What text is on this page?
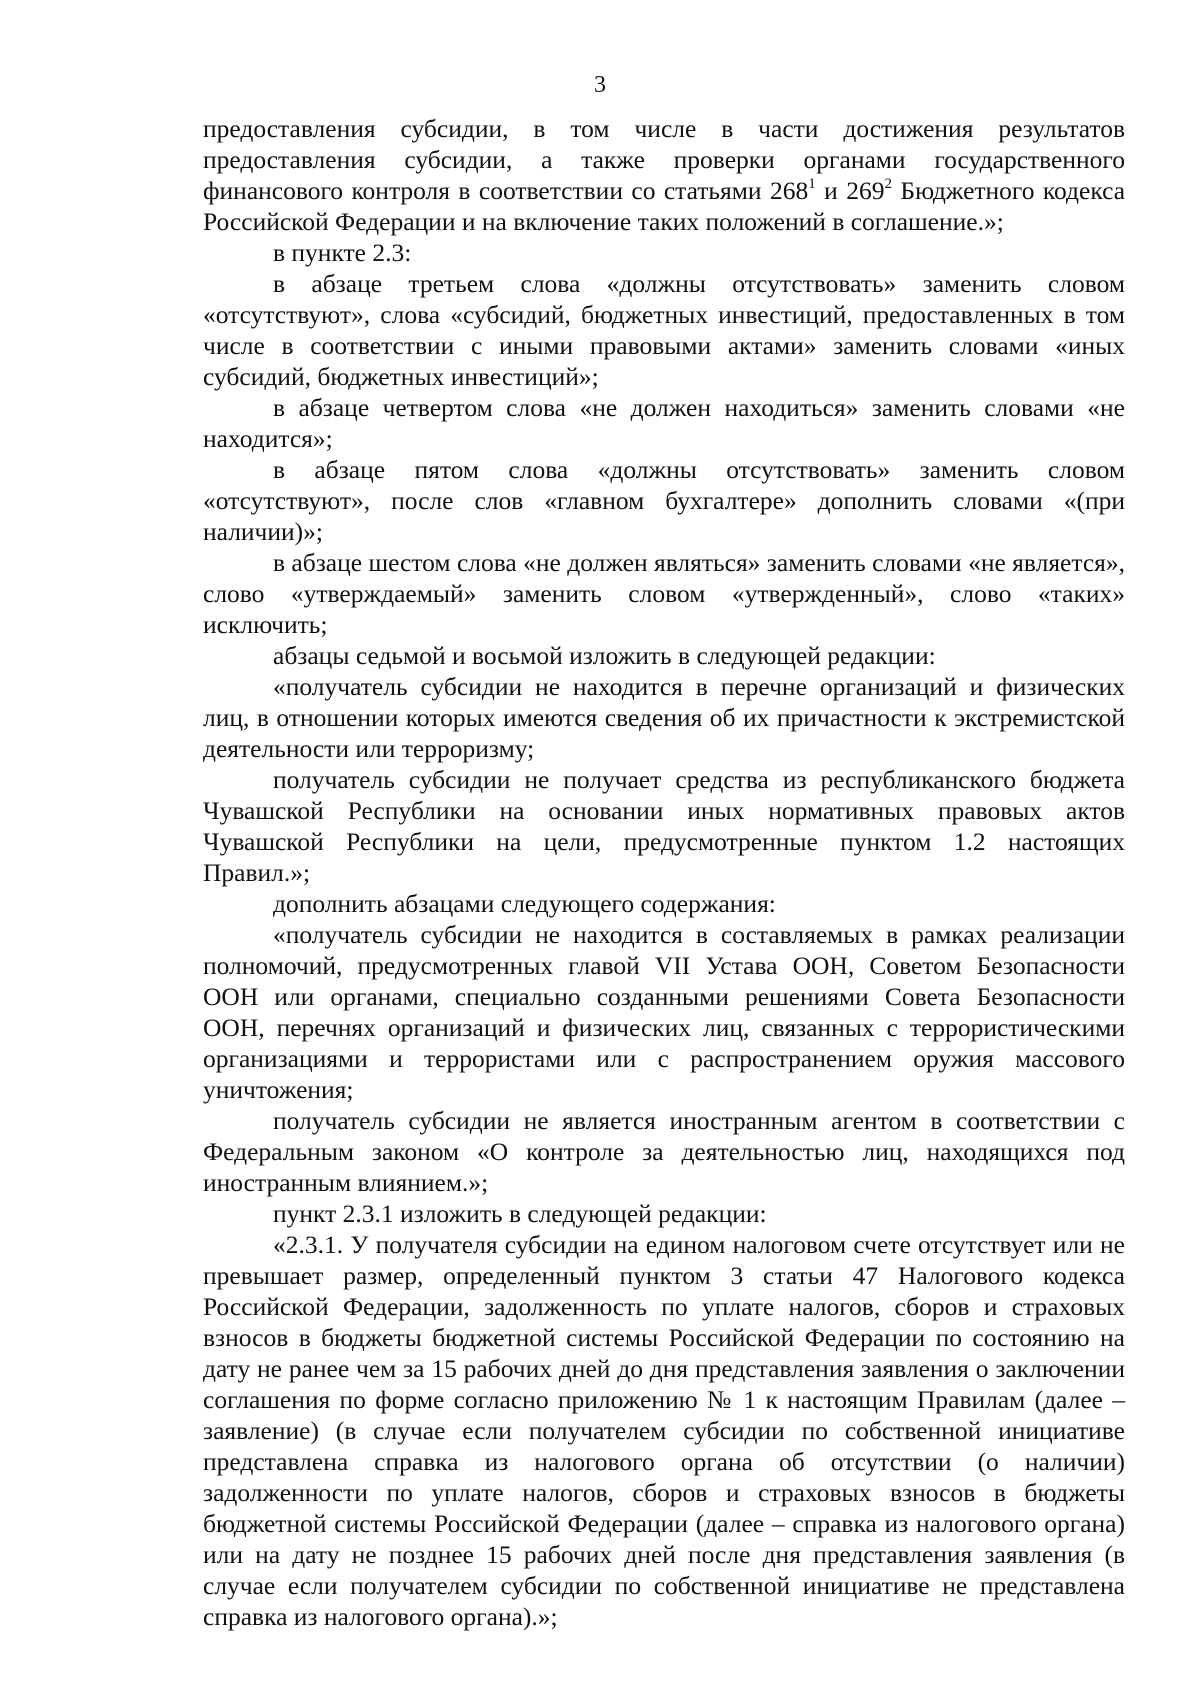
3

предоставления субсидии, в том числе в части достижения результатов предоставления субсидии, а также проверки органами государственного финансового контроля в соответствии со статьями $268^1$ и $269^2$ Бюджетного кодекса Российской Федерации и на включение таких положений в соглашение.»;

в пункте 2.3:

в абзаце третьем слова «должны отсутствовать» заменить словом «отсутствуют», слова «субсидий, бюджетных инвестиций, предоставленных в том числе в соответствии с иными правовыми актами» заменить словами «иных субсидий, бюджетных инвестиций»;

в абзаце четвертом слова «не должен находиться» заменить словами «не находится»;

в абзаце пятом слова «должны отсутствовать» заменить словом «отсутствуют», после слов «главном бухгалтере» дополнить словами «(при наличии)»;

в абзаце шестом слова «не должен являться» заменить словами «не является», слово «утверждаемый» заменить словом «утвержденный», слово «таких» исключить;

абзацы седьмой и восьмой изложить в следующей редакции:

«получатель субсидии не находится в перечне организаций и физических лиц, в отношении которых имеются сведения об их причастности к экстремистской деятельности или терроризму;

получатель субсидии не получает средства из республиканского бюджета Чувашской Республики на основании иных нормативных правовых актов Чувашской Республики на цели, предусмотренные пунктом 1.2 настоящих Правил.»;

дополнить абзацами следующего содержания:

«получатель субсидии не находится в составляемых в рамках реализации полномочий, предусмотренных главой VII Устава ООН, Советом Безопасности ООН или органами, специально созданными решениями Совета Безопасности ООН, перечнях организаций и физических лиц, связанных с террористическими организациями и террористами или с распространением оружия массового уничтожения;

получатель субсидии не является иностранным агентом в соответствии с Федеральным законом «О контроле за деятельностью лиц, находящихся под иностранным влиянием.»;

пункт 2.3.1 изложить в следующей редакции:

«2.3.1. У получателя субсидии на едином налоговом счете отсутствует или не превышает размер, определенный пунктом 3 статьи 47 Налогового кодекса Российской Федерации, задолженность по уплате налогов, сборов и страховых взносов в бюджеты бюджетной системы Российской Федерации по состоянию на дату не ранее чем за 15 рабочих дней до дня представления заявления о заключении соглашения по форме согласно приложению № 1 к настоящим Правилам (далее – заявление) (в случае если получателем субсидии по собственной инициативе представлена справка из налогового органа об отсутствии (о наличии) задолженности по уплате налогов, сборов и страховых взносов в бюджеты бюджетной системы Российской Федерации (далее – справка из налогового органа) или на дату не позднее 15 рабочих дней после дня представления заявления (в случае если получателем субсидии по собственной инициативе не представлена справка из налогового органа).»;
